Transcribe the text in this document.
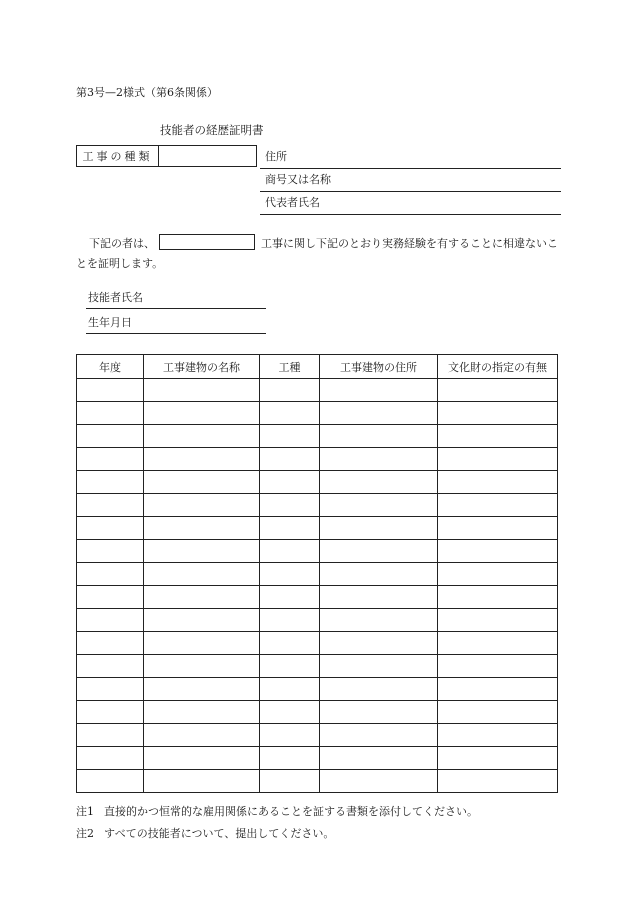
第3号—2様式（第6条関係）
技能者の経歴証明書
工事の種類	住所
商号又は名称
代表者氏名
下記の者は、	工事に関し下記のとおり実務経験を有することに相違ないことを証明します。
技能者氏名
生年月日
年度	工事建物の名称	工種	工事建物の住所	文化財の指定の有無

注1 直接的かつ恒常的な雇用関係にあることを証する書類を添付してください。
注2 すべての技能者について、提出してください。
